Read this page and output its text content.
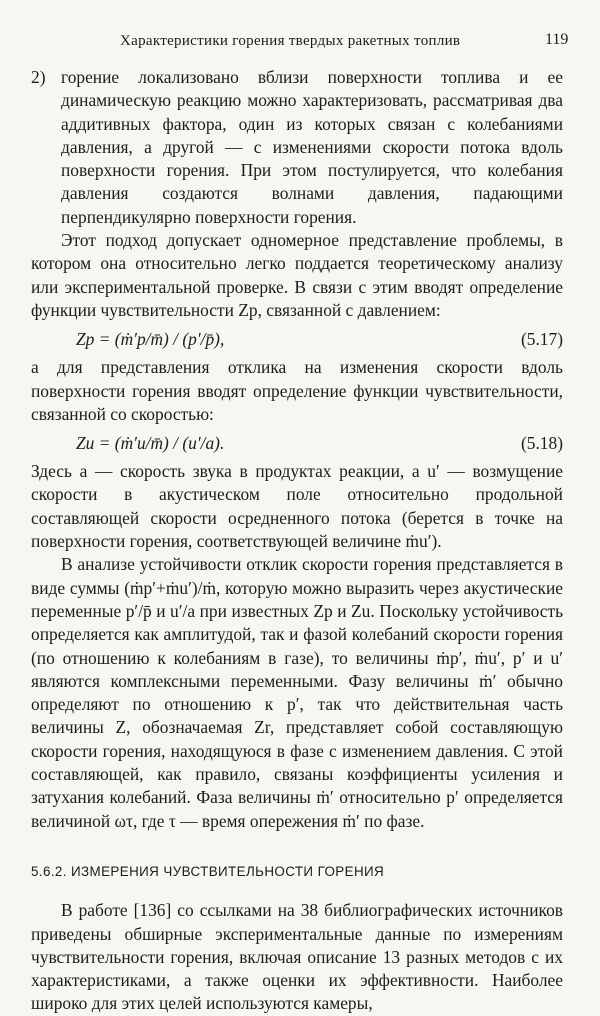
Характеристики горения твердых ракетных топлив	119

2) горение локализовано вблизи поверхности топлива и ее динамическую реакцию можно характеризовать, рассматривая два аддитивных фактора, один из которых связан с колебаниями давления, а другой — с изменениями скорости потока вдоль поверхности горения. При этом постулируется, что колебания давления создаются волнами давления, падающими перпендикулярно поверхности горения.

Этот подход допускает одномерное представление проблемы, в котором она относительно легко поддается теоретическому анализу или экспериментальной проверке. В связи с этим вводят определение функции чувствительности Zp, связанной с давлением:

Zp = (ṁ′p/m̄) / (p′/p̄),	(5.17)

а для представления отклика на изменения скорости вдоль поверхности горения вводят определение функции чувствительности, связанной со скоростью:

Zu = (ṁ′u/m̄) / (u′/a).	(5.18)

Здесь a — скорость звука в продуктах реакции, а u′ — возмущение скорости в акустическом поле относительно продольной составляющей скорости осредненного потока (берется в точке на поверхности горения, соответствующей величине ṁu′).

В анализе устойчивости отклик скорости горения представляется в виде суммы (ṁp′+ṁu′)/ṁ, которую можно выразить через акустические переменные p′/p̄ и u′/a при известных Zp и Zu. Поскольку устойчивость определяется как амплитудой, так и фазой колебаний скорости горения (по отношению к колебаниям в газе), то величины ṁp′, ṁu′, p′ и u′ являются комплексными переменными. Фазу величины ṁ′ обычно определяют по отношению к p′, так что действительная часть величины Z, обозначаемая Zr, представляет собой составляющую скорости горения, находящуюся в фазе с изменением давления. С этой составляющей, как правило, связаны коэффициенты усиления и затухания колебаний. Фаза величины ṁ′ относительно p′ определяется величиной ωτ, где τ — время опережения ṁ′ по фазе.

5.6.2. ИЗМЕРЕНИЯ ЧУВСТВИТЕЛЬНОСТИ ГОРЕНИЯ

В работе [136] со ссылками на 38 библиографических источников приведены обширные экспериментальные данные по измерениям чувствительности горения, включая описание 13 разных методов с их характеристиками, а также оценки их эффективности. Наиболее широко для этих целей используются камеры,
